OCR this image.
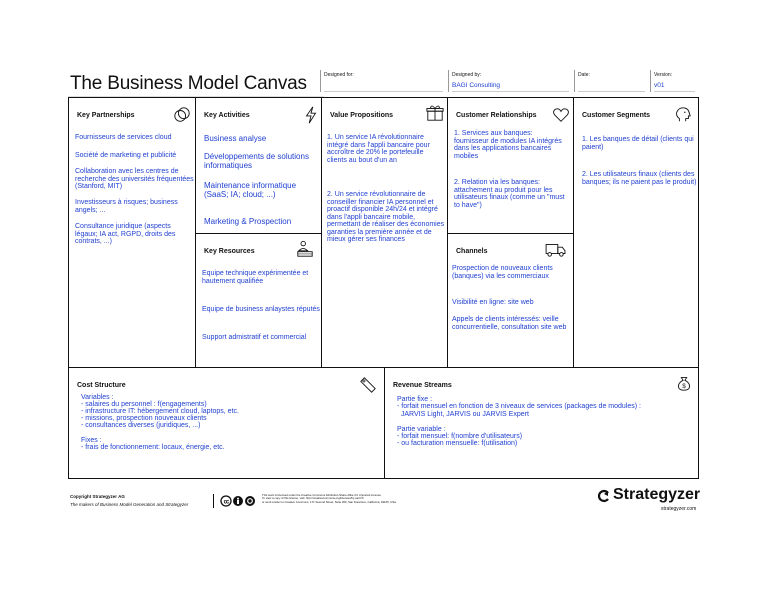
The Business Model Canvas	Designed for:	Designed by:
BAGI Consulting
Date:	Version:
v01
Key Partnerships
Fournisseurs de services cloud
Société de marketing et publicité
Collaboration avec les centres de recherche des universités fréquentées (Stanford, MIT)
Investisseurs à risques; business angels; ...
Consultance juridique (aspects légaux; IA act, RGPD, droits des contrats, ...)
Key Activities
Business analyse
Développements de solutions informatiques
Maintenance informatique (SaaS; IA; cloud; ...)
Marketing & Prospection
Key Resources
Equipe technique expérimentée et hautement qualifiée
Equipe de business anlaystes réputés
Support admistratif et commercial
Value Propositions
1. Un service IA révolutionnaire intégré dans l'appli bancaire pour accroître de 20% le portefeuille clients au bout d'un an
2. Un service révolutionnaire de conseiller financier IA personnel et proactif disponible 24h/24 et intégré dans l'appli bancaire mobile, permettant de réaliser des économies garanties la première année et de mieux gérer ses finances
Customer Relationships
1. Services aux banques: fournisseur de modules IA intégrés dans les applications bancaires mobiles
2. Relation via les banques: attachement au produit pour les utilisateurs finaux (comme un "must to have")
Channels
Prospection de nouveaux clients (banques) via les commerciaux
Visibilité en ligne: site web
Appels de clients intéressés: veille concurrentielle, consultation site web
Customer Segments
1. Les banques de détail (clients qui paient)
2. Les utilisateurs finaux (clients des banques; ils ne paient pas le produit)
Cost Structure
Variables :
- salaires du personnel : f(engagements)
- infrastructure IT: hébergement cloud, laptops, etc.
- missions, prospection nouveaux clients
- consultances diverses (juridiques, ...)
Fixes :
- frais de fonctionnement: locaux, énergie, etc.
Revenue Streams	$
Partie fixe :
- forfait mensuel en fonction de 3 niveaux de services (packages de modules) :
JARVIS Light, JARVIS ou JARVIS Expert
Partie variable :
- forfait mensuel: f(nombre d'utilisateurs)
- ou facturation mensuelle: f(utilisation)
Copyright Strategyzer AG
The makers of Business Model Generation and Strategyzer	cc
This work is licensed under the Creative Commons Attribution-Share Alike 3.0 Unported License.
To view a copy of this license, visit: http://creativecommons.org/licenses/by-sa/3.0/
or send a letter to Creative Commons, 171 Second Street, Suite 300, San Francisco, California, 94105, USA.	Strategyzer
strategyzer.com
